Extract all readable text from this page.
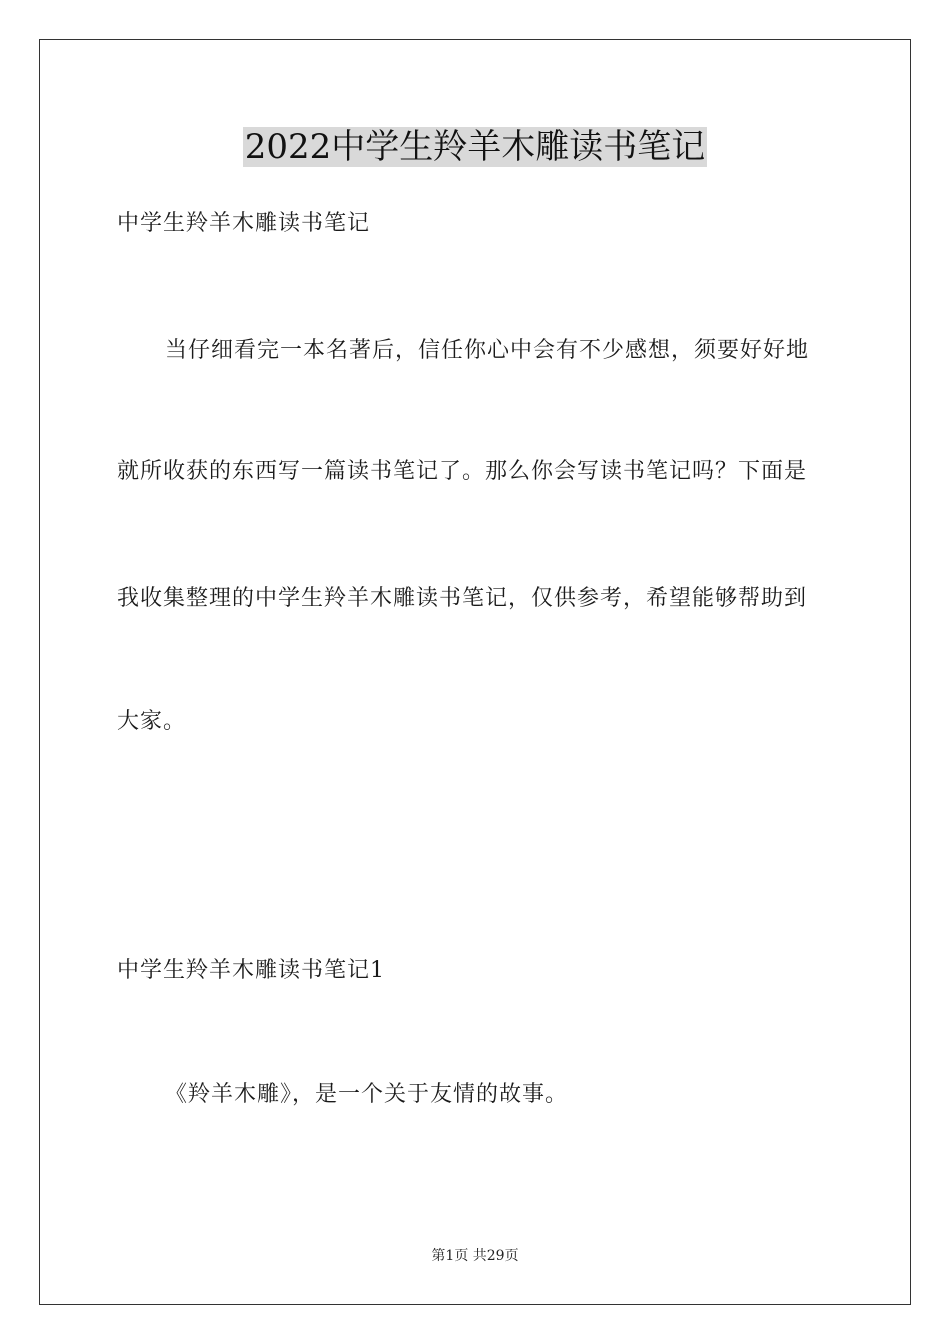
2022中学生羚羊木雕读书笔记
中学生羚羊木雕读书笔记
当仔细看完一本名著后，信任你心中会有不少感想，须要好好地
就所收获的东西写一篇读书笔记了。那么你会写读书笔记吗？下面是
我收集整理的中学生羚羊木雕读书笔记，仅供参考，希望能够帮助到
大家。
中学生羚羊木雕读书笔记1
《羚羊木雕》，是一个关于友情的故事。
第1页 共29页
